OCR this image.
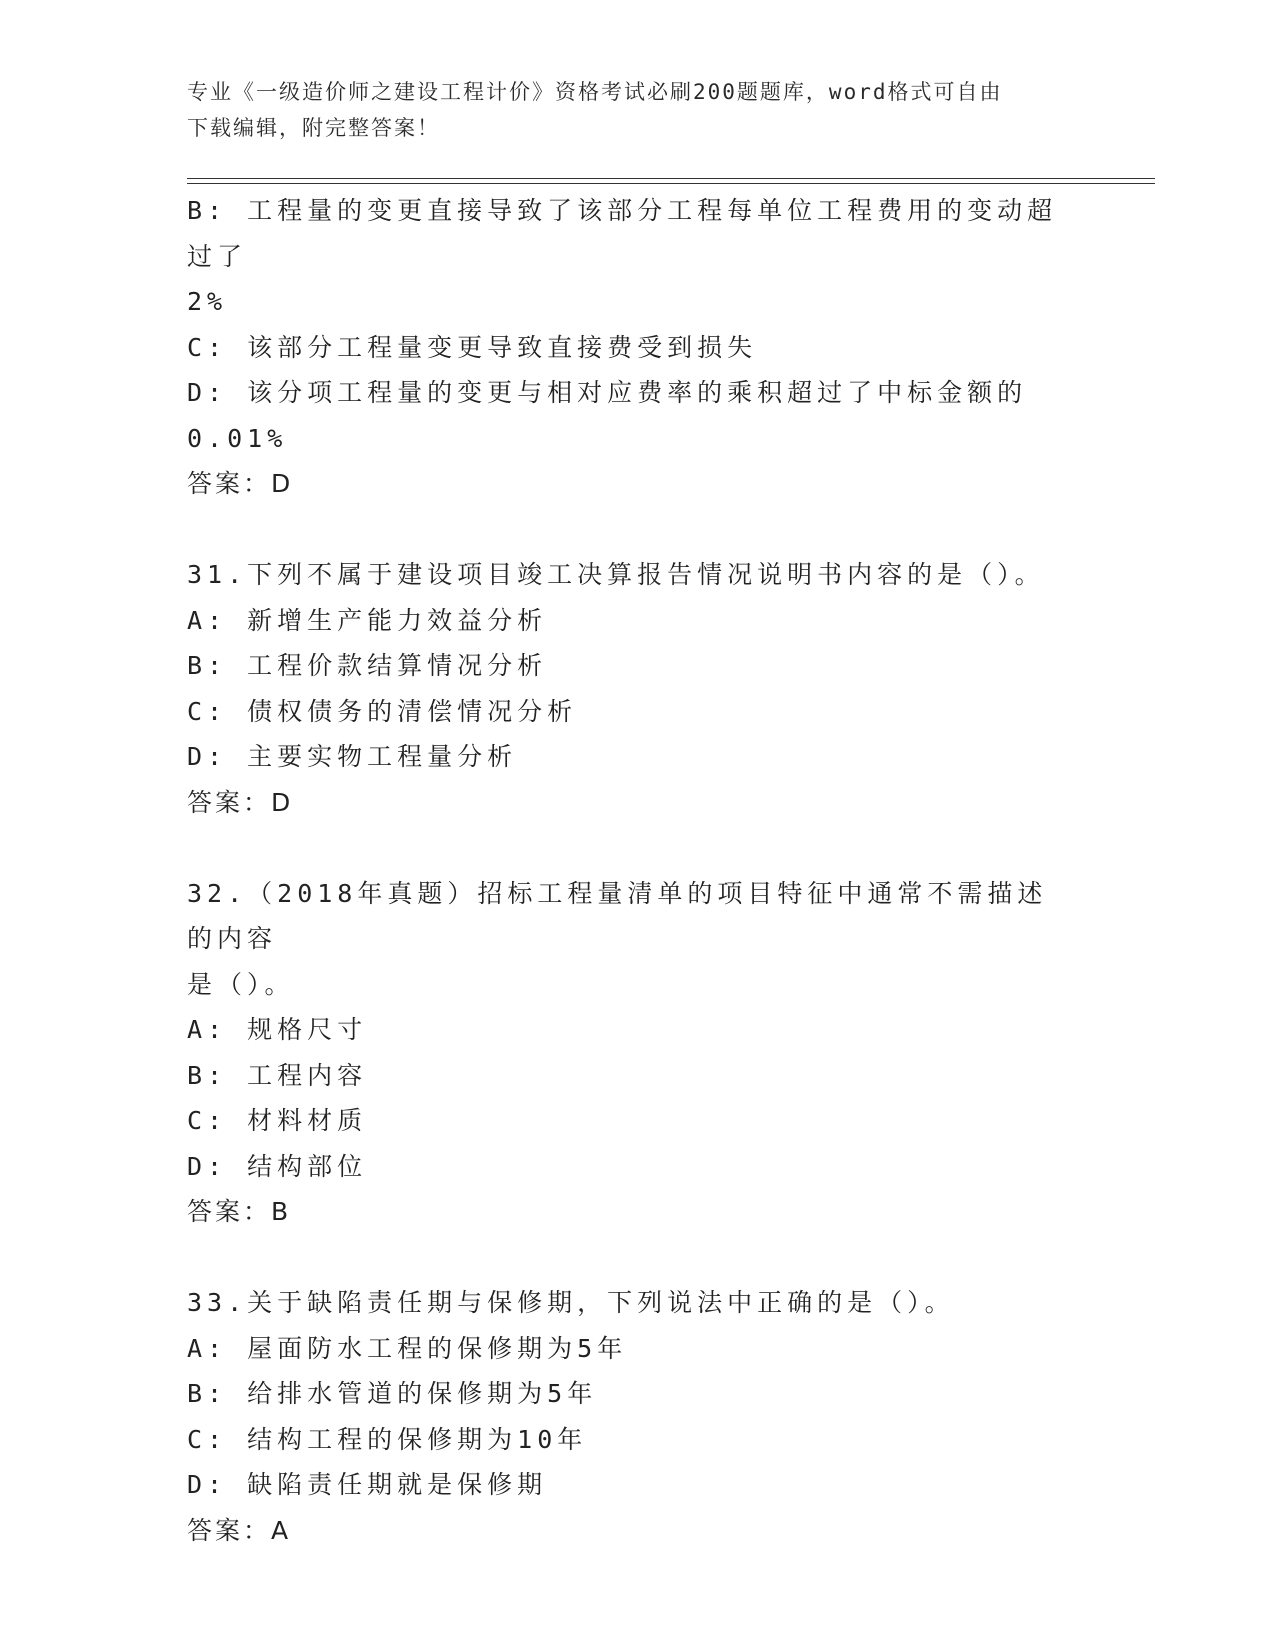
专业《一级造价师之建设工程计价》资格考试必刷200题题库，word格式可自由
下载编辑，附完整答案！
B: 工程量的变更直接导致了该部分工程每单位工程费用的变动超过了
2%
C: 该部分工程量变更导致直接费受到损失
D: 该分项工程量的变更与相对应费率的乘积超过了中标金额的0.01%
答案：D
31.下列不属于建设项目竣工决算报告情况说明书内容的是（）。
A: 新增生产能力效益分析
B: 工程价款结算情况分析
C: 债权债务的清偿情况分析
D: 主要实物工程量分析
答案：D
32.（2018年真题）招标工程量清单的项目特征中通常不需描述的内容
是（）。
A: 规格尺寸
B: 工程内容
C: 材料材质
D: 结构部位
答案：B
33.关于缺陷责任期与保修期，下列说法中正确的是（）。
A: 屋面防水工程的保修期为5年
B: 给排水管道的保修期为5年
C: 结构工程的保修期为10年
D: 缺陷责任期就是保修期
答案：A
